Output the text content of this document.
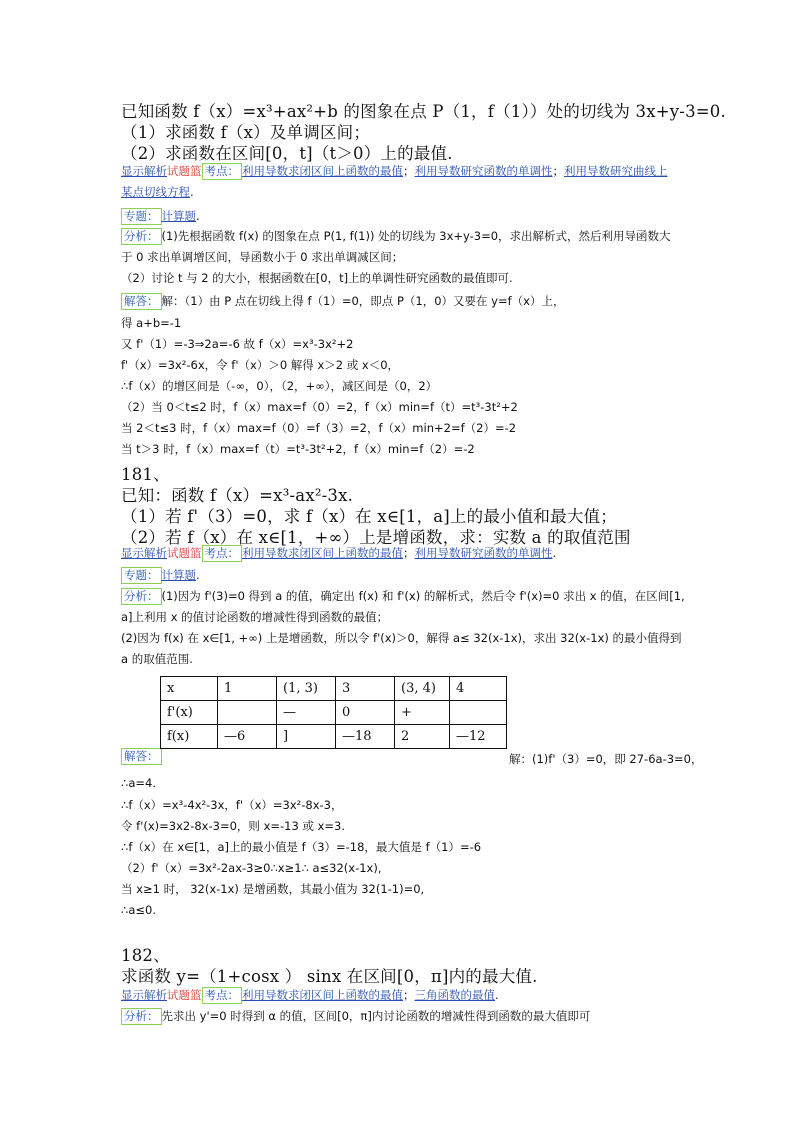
已知函数 f（x）=x³+ax²+b 的图象在点 P（1，f（1））处的切线为 3x+y-3=0.
（1）求函数 f（x）及单调区间；
（2）求函数在区间[0，t]（t＞0）上的最值.
显示解析试题篮 考点： 利用导数求闭区间上函数的最值；利用导数研究函数的单调性；利用导数研究曲线上
某点切线方程.
专题： 计算题.
分析： (1)先根据函数 f(x) 的图象在点 P(1, f(1)) 处的切线为 3x+y-3=0，求出解析式，然后利用导函数大
于 0 求出单调增区间，导函数小于 0 求出单调减区间；
（2）讨论 t 与 2 的大小，根据函数在[0，t]上的单调性研究函数的最值即可.
解答： 解：（1）由 P 点在切线上得 f（1）=0，即点 P（1，0）又要在 y=f（x）上，
得 a+b=-1
又 f'（1）=-3⇒2a=-6 故 f（x）=x³-3x²+2
f'（x）=3x²-6x，令 f'（x）＞0 解得 x＞2 或 x＜0，
∴f（x）的增区间是（-∞，0），（2，+∞），减区间是（0，2）
（2）当 0＜t≤2 时，f（x）max=f（0）=2，f（x）min=f（t）=t³-3t²+2
当 2＜t≤3 时，f（x）max=f（0）=f（3）=2，f（x）min+2=f（2）=-2
当 t＞3 时，f（x）max=f（t）=t³-3t²+2，f（x）min=f（2）=-2
181、
已知：函数 f（x）=x³-ax²-3x.
（1）若 f'（3）=0，求 f（x）在 x∈[1，a]上的最小值和最大值；
（2）若 f（x）在 x∈[1，+∞）上是增函数，求：实数 a 的取值范围
显示解析试题篮 考点： 利用导数求闭区间上函数的最值；利用导数研究函数的单调性.
专题： 计算题.
分析： (1)因为 f'(3)=0 得到 a 的值，确定出 f(x) 和 f'(x) 的解析式，然后令 f'(x)=0 求出 x 的值，在区间[1,
a]上利用 x 的值讨论函数的增减性得到函数的最值；
(2)因为 f(x) 在 x∈[1, +∞) 上是增函数，所以令 f'(x)＞0，解得 a≤ 32(x-1x)，求出 32(x-1x) 的最小值得到
a 的取值范围.
解答：	解：(1)f'（3）=0，即 27-6a-3=0，
∴a=4.
∴f（x）=x³-4x²-3x，f'（x）=3x²-8x-3，
令 f'(x)=3x2-8x-3=0，则 x=-13 或 x=3.
∴f（x）在 x∈[1，a]上的最小值是 f（3）=-18，最大值是 f（1）=-6
（2）f'（x）=3x²-2ax-3≥0∴x≥1∴ a≤32(x-1x),
当 x≥1 时， 32(x-1x) 是增函数，其最小值为 32(1-1)=0,
∴a≤0.
182、
求函数 y=（1+cosx ） sinx 在区间[0，π]内的最大值.
显示解析试题篮 考点： 利用导数求闭区间上函数的最值；三角函数的最值.
分析： 先求出 y'=0 时得到 α 的值，区间[0，π]内讨论函数的增减性得到函数的最大值即可
x	1	(1, 3)	3	(3, 4)	4
f'(x)		—	0	+	
f(x)	—6	]	—18	2	—12
